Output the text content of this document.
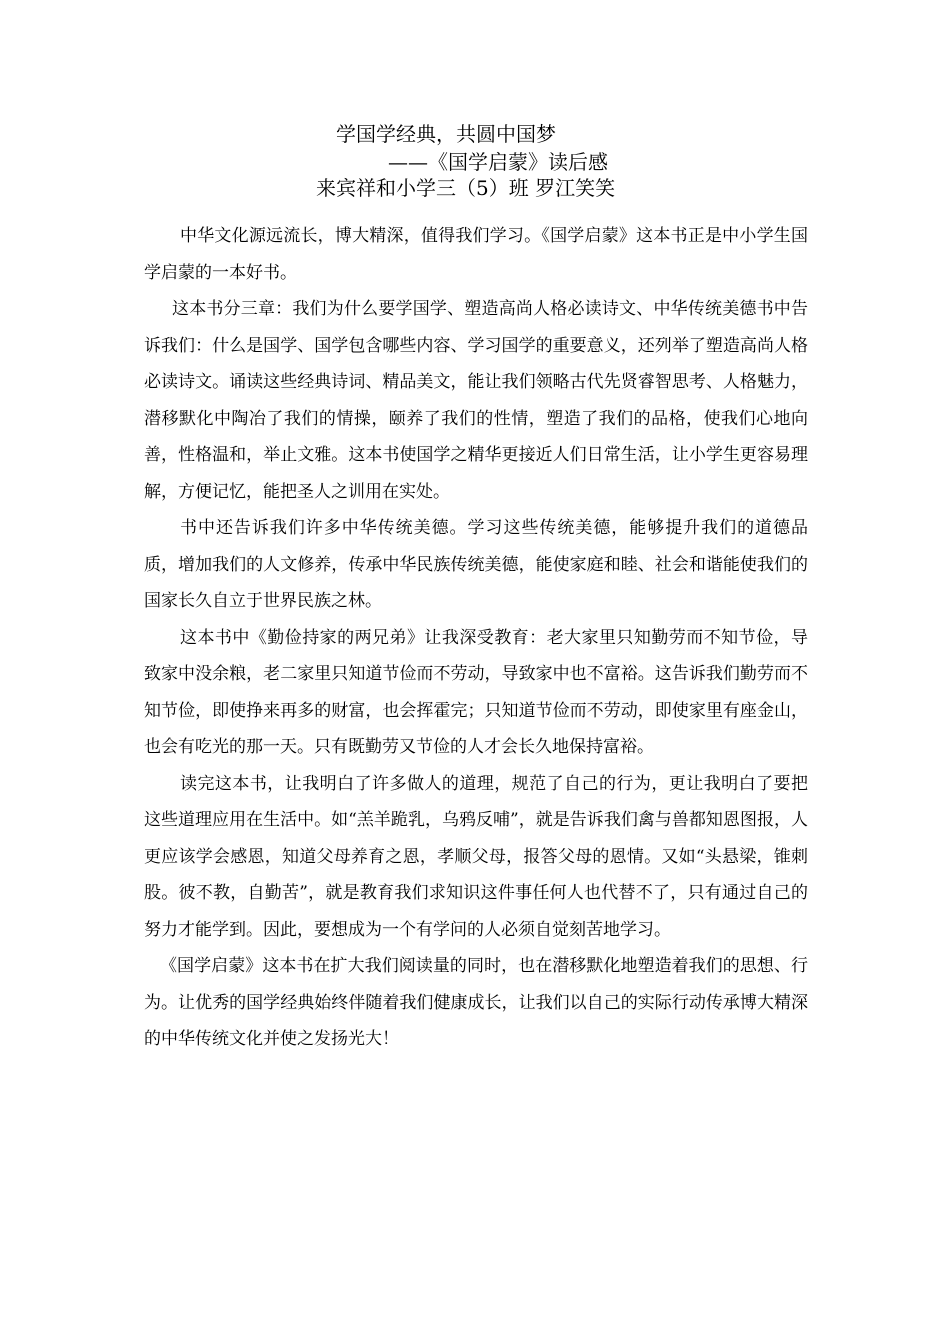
学国学经典，共圆中国梦
——《国学启蒙》读后感
来宾祥和小学三（5）班 罗江笑笑

中华文化源远流长，博大精深，值得我们学习。《国学启蒙》这本书正是中小学生国学启蒙的一本好书。

这本书分三章：我们为什么要学国学、塑造高尚人格必读诗文、中华传统美德书中告诉我们：什么是国学、国学包含哪些内容、学习国学的重要意义，还列举了塑造高尚人格必读诗文。诵读这些经典诗词、精品美文，能让我们领略古代先贤睿智思考、人格魅力，潜移默化中陶冶了我们的情操，颐养了我们的性情，塑造了我们的品格，使我们心地向善，性格温和，举止文雅。这本书使国学之精华更接近人们日常生活，让小学生更容易理解，方便记忆，能把圣人之训用在实处。

书中还告诉我们许多中华传统美德。学习这些传统美德，能够提升我们的道德品质，增加我们的人文修养，传承中华民族传统美德，能使家庭和睦、社会和谐能使我们的国家长久自立于世界民族之林。

这本书中《勤俭持家的两兄弟》让我深受教育：老大家里只知勤劳而不知节俭，导致家中没余粮，老二家里只知道节俭而不劳动，导致家中也不富裕。这告诉我们勤劳而不知节俭，即使挣来再多的财富，也会挥霍完；只知道节俭而不劳动，即使家里有座金山，也会有吃光的那一天。只有既勤劳又节俭的人才会长久地保持富裕。

读完这本书，让我明白了许多做人的道理，规范了自己的行为，更让我明白了要把这些道理应用在生活中。如“羔羊跪乳，乌鸦反哺”，就是告诉我们禽与兽都知恩图报，人更应该学会感恩，知道父母养育之恩，孝顺父母，报答父母的恩情。又如“头悬梁，锥刺股。彼不教，自勤苦”，就是教育我们求知识这件事任何人也代替不了，只有通过自己的努力才能学到。因此，要想成为一个有学问的人必须自觉刻苦地学习。

《国学启蒙》这本书在扩大我们阅读量的同时，也在潜移默化地塑造着我们的思想、行为。让优秀的国学经典始终伴随着我们健康成长，让我们以自己的实际行动传承博大精深的中华传统文化并使之发扬光大！
